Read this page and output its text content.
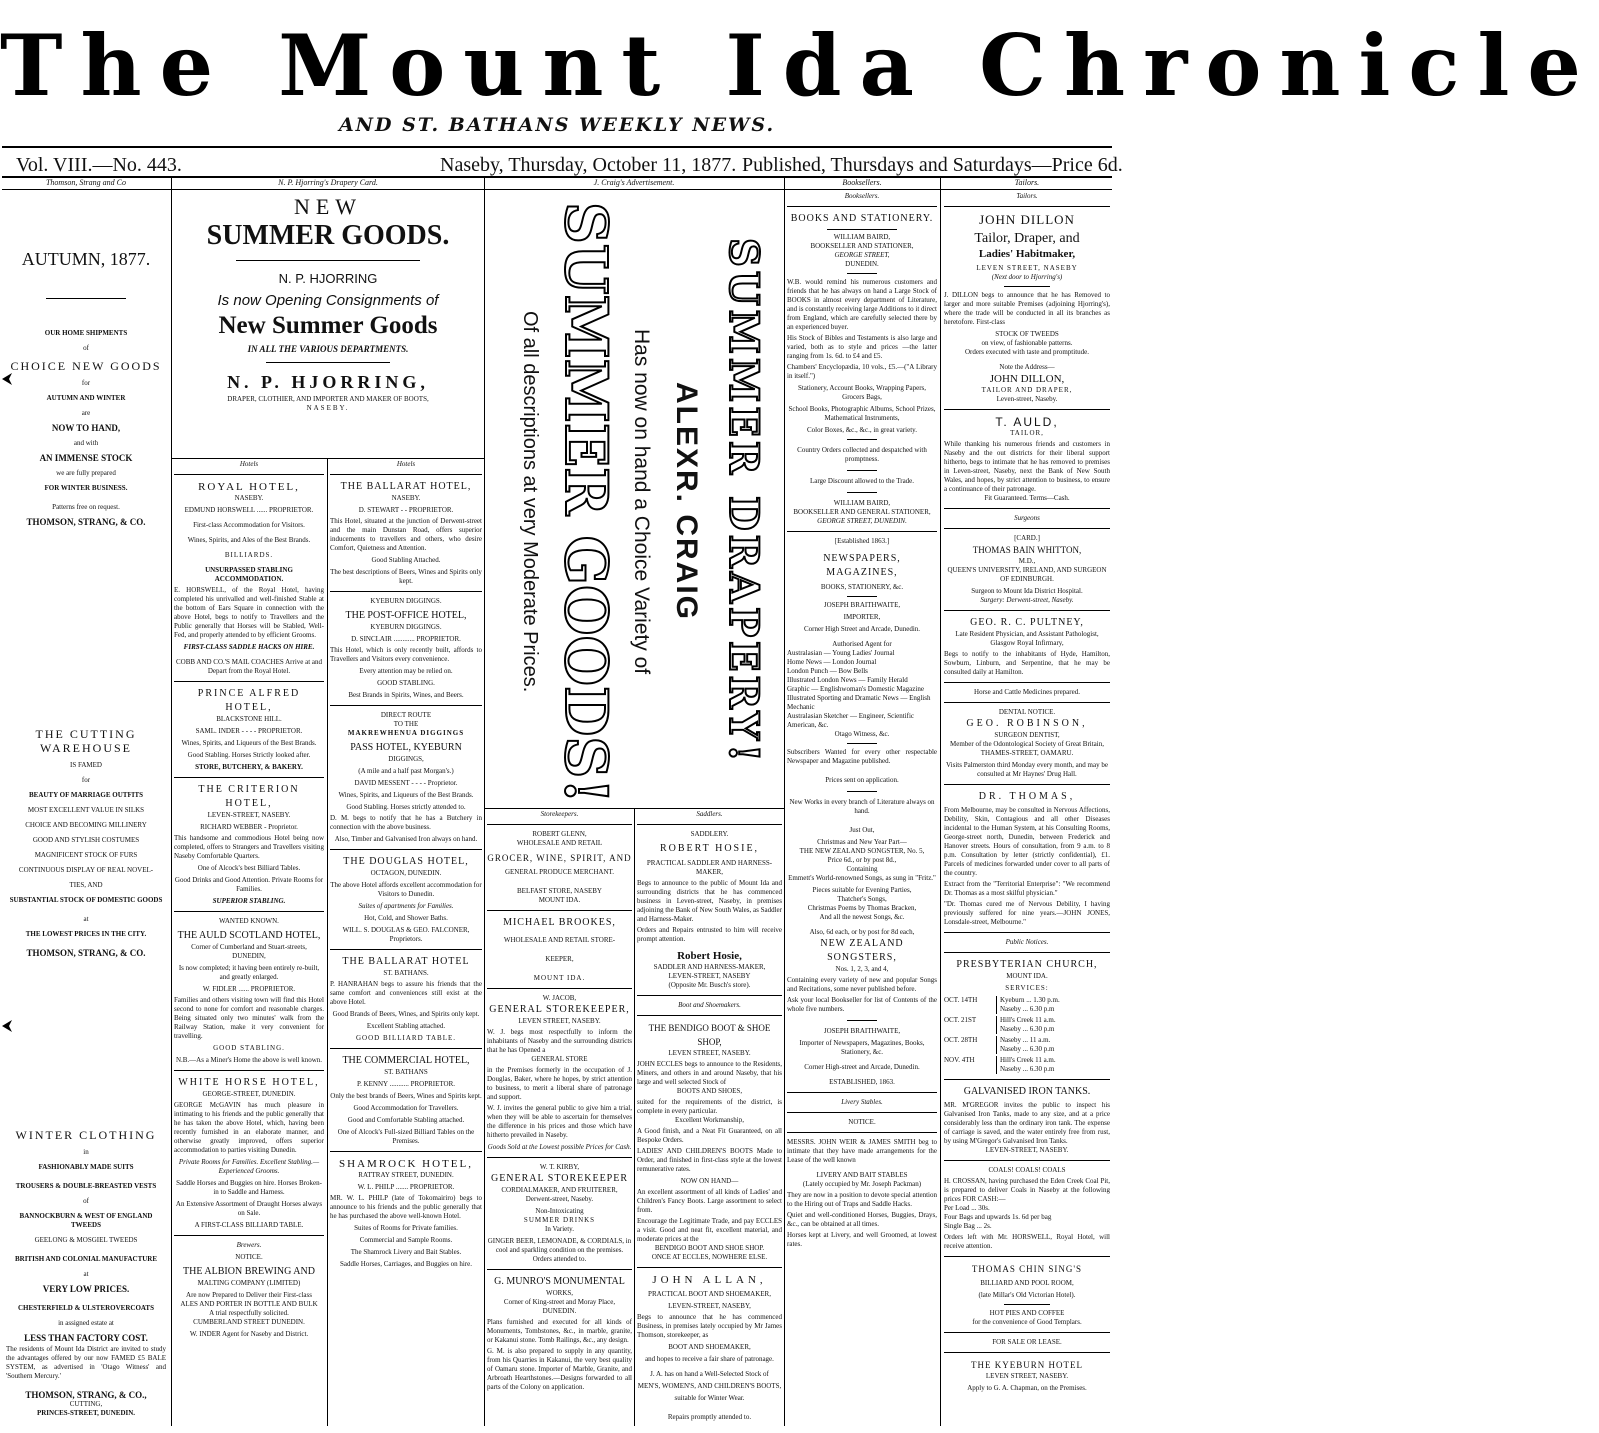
The Mount Ida Chronicle
AND ST. BATHANS WEEKLY NEWS.
Vol. VIII.—No. 443.	Naseby, Thursday, October 11, 1877. Published, Thursdays and Saturdays—Price 6d.
Thomson, Strang and Co	N. P. Hjorring's Drapery Card.	J. Craig's Advertisement.	Booksellers.	Tailors.
AUTUMN, 1877.
OUR HOME SHIPMENTS
of
CHOICE NEW GOODS
for
AUTUMN AND WINTER
are
NOW TO HAND,
and with
AN IMMENSE STOCK
we are fully prepared
FOR WINTER BUSINESS.
Patterns free on request.
THOMSON, STRANG, & CO.
THE CUTTING WAREHOUSE
IS FAMED
for
BEAUTY OF MARRIAGE OUTFITS
MOST EXCELLENT VALUE IN SILKS
CHOICE AND BECOMING MILLINERY
GOOD AND STYLISH COSTUMES
MAGNIFICENT STOCK OF FURS
CONTINUOUS DISPLAY OF REAL NOVEL-
TIES, AND
SUBSTANTIAL STOCK OF DOMESTIC GOODS
at
THE LOWEST PRICES IN THE CITY.
THOMSON, STRANG, & CO.
WINTER CLOTHING
in
FASHIONABLY MADE SUITS
TROUSERS & DOUBLE-BREASTED VESTS
of
BANNOCKBURN & WEST OF ENGLAND TWEEDS
GEELONG & MOSGIEL TWEEDS
BRITISH AND COLONIAL MANUFACTURE
at
VERY LOW PRICES.
CHESTERFIELD & ULSTEROVERCOATS
in assigned estate at
LESS THAN FACTORY COST.
The residents of Mount Ida District are invited to study the advantages offered by our now FAMED £5 BALE SYSTEM, as advertised in 'Otago Witness' and 'Southern Mercury.'
THOMSON, STRANG, & CO.,
CUTTING,
PRINCES-STREET, DUNEDIN.
NEW
SUMMER GOODS.
N. P. HJORRING
Is now Opening Consignments of
New Summer Goods
IN ALL THE VARIOUS DEPARTMENTS.
N. P. HJORRING,
DRAPER, CLOTHIER, AND IMPORTER AND MAKER OF BOOTS,
NASEBY.
Hotels
ROYAL HOTEL,
NASEBY.
EDMUND HORSWELL ...... PROPRIETOR.
First-class Accommodation for Visitors.
Wines, Spirits, and Ales of the Best Brands.
BILLIARDS.
UNSURPASSED STABLING ACCOMMODATION.
E. HORSWELL, of the Royal Hotel, having completed his unrivalled and well-finished Stable at the bottom of Ears Square in connection with the above Hotel, begs to notify to Travellers and the Public generally that Horses will be Stabled, Well-Fed, and properly attended to by efficient Grooms.
FIRST-CLASS SADDLE HACKS ON HIRE.
COBB AND CO.'S MAIL COACHES Arrive at and Depart from the Royal Hotel.
PRINCE ALFRED HOTEL,
BLACKSTONE HILL.
SAML. INDER - - - - PROPRIETOR.
Wines, Spirits, and Liqueurs of the Best Brands.
Good Stabling. Horses Strictly looked after.
STORE, BUTCHERY, & BAKERY.
THE CRITERION HOTEL,
LEVEN-STREET, NASEBY.
RICHARD WEBBER - Proprietor.
This handsome and commodious Hotel being now completed, offers to Strangers and Travellers visiting Naseby Comfortable Quarters.
One of Alcock's best Billiard Tables.
Good Drinks and Good Attention. Private Rooms for Families.
SUPERIOR STABLING.
WANTED KNOWN.
THE AULD SCOTLAND HOTEL,
Corner of Cumberland and Stuart-streets, DUNEDIN,
Is now completed; it having been entirely re-built, and greatly enlarged.
W. FIDLER ...... PROPRIETOR.
Families and others visiting town will find this Hotel second to none for comfort and reasonable charges. Being situated only two minutes' walk from the Railway Station, make it very convenient for travelling.
GOOD STABLING.
N.B.—As a Miner's Home the above is well known.
WHITE HORSE HOTEL,
GEORGE-STREET, DUNEDIN.
GEORGE McGAVIN has much pleasure in intimating to his friends and the public generally that he has taken the above Hotel, which, having been recently furnished in an elaborate manner, and otherwise greatly improved, offers superior accommodation to parties visiting Dunedin.
Private Rooms for Families. Excellent Stabling.—Experienced Grooms.
Saddle Horses and Buggies on hire. Horses Broken-in to Saddle and Harness.
An Extensive Assortment of Draught Horses always on Sale.
A FIRST-CLASS BILLIARD TABLE.
Brewers.
NOTICE.
THE ALBION BREWING AND
MALTING COMPANY (LIMITED)
Are now Prepared to Deliver their First-class
ALES AND PORTER IN BOTTLE AND BULK
A trial respectfully solicited.
CUMBERLAND STREET DUNEDIN.
W. INDER Agent for Naseby and District.
Hotels
THE BALLARAT HOTEL,
NASEBY.
D. STEWART - - PROPRIETOR.
This Hotel, situated at the junction of Derwent-street and the main Dunstan Road, offers superior inducements to travellers and others, who desire Comfort, Quietness and Attention.
Good Stabling Attached.
The best descriptions of Beers, Wines and Spirits only kept.
KYEBURN DIGGINGS.
THE POST-OFFICE HOTEL,
KYEBURN DIGGINGS.
D. SINCLAIR ............ PROPRIETOR.
This Hotel, which is only recently built, affords to Travellers and Visitors every convenience.
Every attention may be relied on.
GOOD STABLING.
Best Brands in Spirits, Wines, and Beers.
DIRECT ROUTE
TO THE
MAKREWHENUA DIGGINGS
PASS HOTEL, KYEBURN
DIGGINGS,
(A mile and a half past Morgan's.)
DAVID MESSENT - - - - Proprietor.
Wines, Spirits, and Liqueurs of the Best Brands.
Good Stabling. Horses strictly attended to.
D. M. begs to notify that he has a Butchery in connection with the above business.
Also, Timber and Galvanised Iron always on hand.
THE DOUGLAS HOTEL,
OCTAGON, DUNEDIN.
The above Hotel affords excellent accommodation for Visitors to Dunedin.
Suites of apartments for Families.
Hot, Cold, and Shower Baths.
WILL. S. DOUGLAS & GEO. FALCONER, Proprietors.
THE BALLARAT HOTEL
ST. BATHANS.
P. HANRAHAN begs to assure his friends that the same comfort and conveniences still exist at the above Hotel.
Good Brands of Beers, Wines, and Spirits only kept.
Excellent Stabling attached.
GOOD BILLIARD TABLE.
THE COMMERCIAL HOTEL,
ST. BATHANS
P. KENNY ........... PROPRIETOR.
Only the best brands of Beers, Wines and Spirits kept.
Good Accommodation for Travellers.
Good and Comfortable Stabling attached.
One of Alcock's Full-sized Billiard Tables on the Premises.
SHAMROCK HOTEL,
RATTRAY STREET, DUNEDIN.
W. L. PHILP ....... PROPRIETOR.
MR. W. L. PHILP (late of Tokomairiro) begs to announce to his friends and the public generally that he has purchased the above well-known Hotel.
Suites of Rooms for Private families.
Commercial and Sample Rooms.
The Shamrock Livery and Bait Stables.
Saddle Horses, Carriages, and Buggies on hire.
SUMMER DRAPERY!
ALEXR. CRAIG
Has now on hand a Choice Variety of
SUMMER GOODS!
Of all descriptions at very Moderate Prices.
Storekeepers.
ROBERT GLENN,
WHOLESALE AND RETAIL
GROCER, WINE, SPIRIT, AND
GENERAL PRODUCE MERCHANT.
BELFAST STORE, NASEBY
MOUNT IDA.
MICHAEL BROOKES,
WHOLESALE AND RETAIL STORE-
KEEPER,
MOUNT IDA.
W. JACOB,
GENERAL STOREKEEPER,
LEVEN STREET, NASEBY.
W. J. begs most respectfully to inform the inhabitants of Naseby and the surrounding districts that he has Opened a
GENERAL STORE
in the Premises formerly in the occupation of J. Douglas, Baker, where he hopes, by strict attention to business, to merit a liberal share of patronage and support.
W. J. invites the general public to give him a trial, when they will be able to ascertain for themselves the difference in his prices and those which have hitherto prevailed in Naseby.
Goods Sold at the Lowest possible Prices for Cash.
W. T. KIRBY,
GENERAL STOREKEEPER
CORDIALMAKER, AND FRUITERER,
Derwent-street, Naseby.
Non-Intoxicating
SUMMER DRINKS
In Variety.
GINGER BEER, LEMONADE, & CORDIALS, in cool and sparkling condition on the premises.
Orders attended to.
G. MUNRO'S MONUMENTAL
WORKS,
Corner of King-street and Moray Place, DUNEDIN.
Plans furnished and executed for all kinds of Monuments, Tombstones, &c., in marble, granite, or Kakanui stone. Tomb Railings, &c., any design.
G. M. is also prepared to supply in any quantity, from his Quarries in Kakanui, the very best quality of Oamaru stone. Importer of Marble, Granite, and Arbroath Hearthstones.—Designs forwarded to all parts of the Colony on application.
Saddlers.
SADDLERY.
ROBERT HOSIE,
PRACTICAL SADDLER AND HARNESS-MAKER,
Begs to announce to the public of Mount Ida and surrounding districts that he has commenced business in Leven-street, Naseby, in premises adjoining the Bank of New South Wales, as Saddler and Harness-Maker.
Orders and Repairs entrusted to him will receive prompt attention.
Robert Hosie,
SADDLER AND HARNESS-MAKER,
LEVEN-STREET, NASEBY
(Opposite Mr. Busch's store).
Boot and Shoemakers.
THE BENDIGO BOOT & SHOE SHOP,
LEVEN STREET, NASEBY.
JOHN ECCLES begs to announce to the Residents, Miners, and others in and around Naseby, that his large and well selected Stock of
BOOTS AND SHOES,
suited for the requirements of the district, is complete in every particular.
Excellent Workmanship,
A Good finish, and a Neat Fit Guaranteed, on all Bespoke Orders.
LADIES' AND CHILDREN'S BOOTS Made to Order, and finished in first-class style at the lowest remunerative rates.
NOW ON HAND—
An excellent assortment of all kinds of Ladies' and Children's Fancy Boots. Large assortment to select from.
Encourage the Legitimate Trade, and pay ECCLES a visit. Good and neat fit, excellent material, and moderate prices at the
BENDIGO BOOT AND SHOE SHOP.
ONCE AT ECCLES, NOWHERE ELSE.
JOHN ALLAN,
PRACTICAL BOOT AND SHOEMAKER,
LEVEN-STREET, NASEBY,
Begs to announce that he has commenced Business, in premises lately occupied by Mr James Thomson, storekeeper, as
BOOT AND SHOEMAKER,
and hopes to receive a fair share of patronage.
J. A. has on hand a Well-Selected Stock of
MEN'S, WOMEN'S, AND CHILDREN'S BOOTS,
suitable for Winter Wear.
Repairs promptly attended to.
Booksellers.
BOOKS AND STATIONERY.
WILLIAM BAIRD,
BOOKSELLER AND STATIONER,
GEORGE STREET,
DUNEDIN.
W.B. would remind his numerous customers and friends that he has always on hand a Large Stock of BOOKS in almost every department of Literature, and is constantly receiving large Additions to it direct from England, which are carefully selected there by an experienced buyer.
His Stock of Bibles and Testaments is also large and varied, both as to style and prices —the latter ranging from 1s. 6d. to £4 and £5.
Chambers' Encyclopædia, 10 vols., £5.—("A Library in itself.")
Stationery, Account Books, Wrapping Papers, Grocers Bags,
School Books, Photographic Albums, School Prizes, Mathematical Instruments,
Color Boxes, &c., &c., in great variety.
Country Orders collected and despatched with promptness.
Large Discount allowed to the Trade.
WILLIAM BAIRD,
BOOKSELLER AND GENERAL STATIONER,
GEORGE STREET, DUNEDIN.
[Established 1863.]
NEWSPAPERS, MAGAZINES,
BOOKS, STATIONERY, &c.
JOSEPH BRAITHWAITE,
IMPORTER,
Corner High Street and Arcade, Dunedin.
Authorised Agent for
Australasian — Young Ladies' Journal
Home News — London Journal
London Punch — Bow Bells
Illustrated London News — Family Herald
Graphic — Englishwoman's Domestic Magazine
Illustrated Sporting and Dramatic News — English Mechanic
Australasian Sketcher — Engineer, Scientific American, &c.
Otago Witness, &c.
Subscribers Wanted for every other respectable Newspaper and Magazine published.
Prices sent on application.
New Works in every branch of Literature always on hand.
Just Out,
Christmas and New Year Part—
THE NEW ZEALAND SONGSTER, No. 5,
Price 6d., or by post 8d.,
Containing
Emmett's World-renowned Songs, as sung in "Fritz."
Pieces suitable for Evening Parties,
Thatcher's Songs,
Christmas Poems by Thomas Bracken,
And all the newest Songs, &c.
Also, 6d each, or by post for 8d each,
NEW ZEALAND SONGSTERS,
Nos. 1, 2, 3, and 4,
Containing every variety of new and popular Songs and Recitations, some never published before.
Ask your local Bookseller for list of Contents of the whole five numbers.
JOSEPH BRAITHWAITE,
Importer of Newspapers, Magazines, Books, Stationery, &c.
Corner High-street and Arcade, Dunedin.
ESTABLISHED, 1863.
Livery Stables.
NOTICE.
MESSRS. JOHN WEIR & JAMES SMITH beg to intimate that they have made arrangements for the Lease of the well known
LIVERY AND BAIT STABLES
(Lately occupied by Mr. Joseph Packman)
They are now in a position to devote special attention to the Hiring out of Traps and Saddle Hacks.
Quiet and well-conditioned Horses, Buggies, Drays, &c., can be obtained at all times.
Horses kept at Livery, and well Groomed, at lowest rates.
Tailors.
JOHN DILLON
Tailor, Draper, and
Ladies' Habitmaker,
LEVEN STREET, NASEBY
(Next door to Hjorring's)
J. DILLON begs to announce that he has Removed to larger and more suitable Premises (adjoining Hjorring's), where the trade will be conducted in all its branches as heretofore. First-class
STOCK OF TWEEDS
on view, of fashionable patterns.
Orders executed with taste and promptitude.
Note the Address—
JOHN DILLON,
TAILOR AND DRAPER,
Leven-street, Naseby.
T. AULD,
TAILOR,
While thanking his numerous friends and customers in Naseby and the out districts for their liberal support hitherto, begs to intimate that he has removed to premises in Leven-street, Naseby, next the Bank of New South Wales, and hopes, by strict attention to business, to ensure a continuance of their patronage.
Fit Guaranteed. Terms—Cash.
Surgeons
[CARD.]
THOMAS BAIN WHITTON,
M.D.,
QUEEN'S UNIVERSITY, IRELAND, AND SURGEON OF EDINBURGH.
Surgeon to Mount Ida District Hospital.
Surgery: Derwent-street, Naseby.
GEO. R. C. PULTNEY,
Late Resident Physician, and Assistant Pathologist, Glasgow Royal Infirmary,
Begs to notify to the inhabitants of Hyde, Hamilton, Sowburn, Linburn, and Serpentine, that he may be consulted daily at Hamilton.
Horse and Cattle Medicines prepared.
DENTAL NOTICE.
GEO. ROBINSON,
SURGEON DENTIST,
Member of the Odontological Society of Great Britain,
THAMES-STREET, OAMARU.
Visits Palmerston third Monday every month, and may be consulted at Mr Haynes' Drug Hall.
DR. THOMAS,
From Melbourne, may be consulted in Nervous Affections, Debility, Skin, Contagious and all other Diseases incidental to the Human System, at his Consulting Rooms, George-street north, Dunedin, between Frederick and Hanover streets. Hours of consultation, from 9 a.m. to 8 p.m. Consultation by letter (strictly confidential), £1. Parcels of medicines forwarded under cover to all parts of the country.
Extract from the "Territorial Enterprise": "We recommend Dr. Thomas as a most skilful physician."
"Dr. Thomas cured me of Nervous Debility, I having previously suffered for nine years.—JOHN JONES, Lonsdale-street, Melbourne."
Public Notices.
PRESBYTERIAN CHURCH,
MOUNT IDA.
SERVICES:
OCT. 14TH	Kyeburn ... 1.30 p.m.
Naseby ... 6.30 p.m
OCT. 21ST	Hill's Creek 11 a.m.
Naseby ... 6.30 p.m
OCT. 28TH	Naseby ... 11 a.m.
Naseby ... 6.30 p.m
NOV. 4TH	Hill's Creek 11 a.m.
Naseby ... 6.30 p.m
GALVANISED IRON TANKS.
MR. M'GREGOR invites the public to inspect his Galvanised Iron Tanks, made to any size, and at a price considerably less than the ordinary iron tank. The expense of carriage is saved, and the water entirely free from rust, by using M'Gregor's Galvanised Iron Tanks.
LEVEN-STREET, NASEBY.
COALS! COALS! COALS
H. CROSSAN, having purchased the Eden Creek Coal Pit, is prepared to deliver Coals in Naseby at the following prices FOR CASH:—
Per Load ... 30s.
Four Bags and upwards 1s. 6d per bag
Single Bag ... 2s.
Orders left with Mr. HORSWELL, Royal Hotel, will receive attention.
THOMAS CHIN SING'S
BILLIARD AND POOL ROOM,
(late Millar's Old Victorian Hotel).
HOT PIES AND COFFEE
for the convenience of Good Templars.
FOR SALE OR LEASE.
THE KYEBURN HOTEL
LEVEN STREET, NASEBY.
Apply to G. A. Chapman, on the Premises.
